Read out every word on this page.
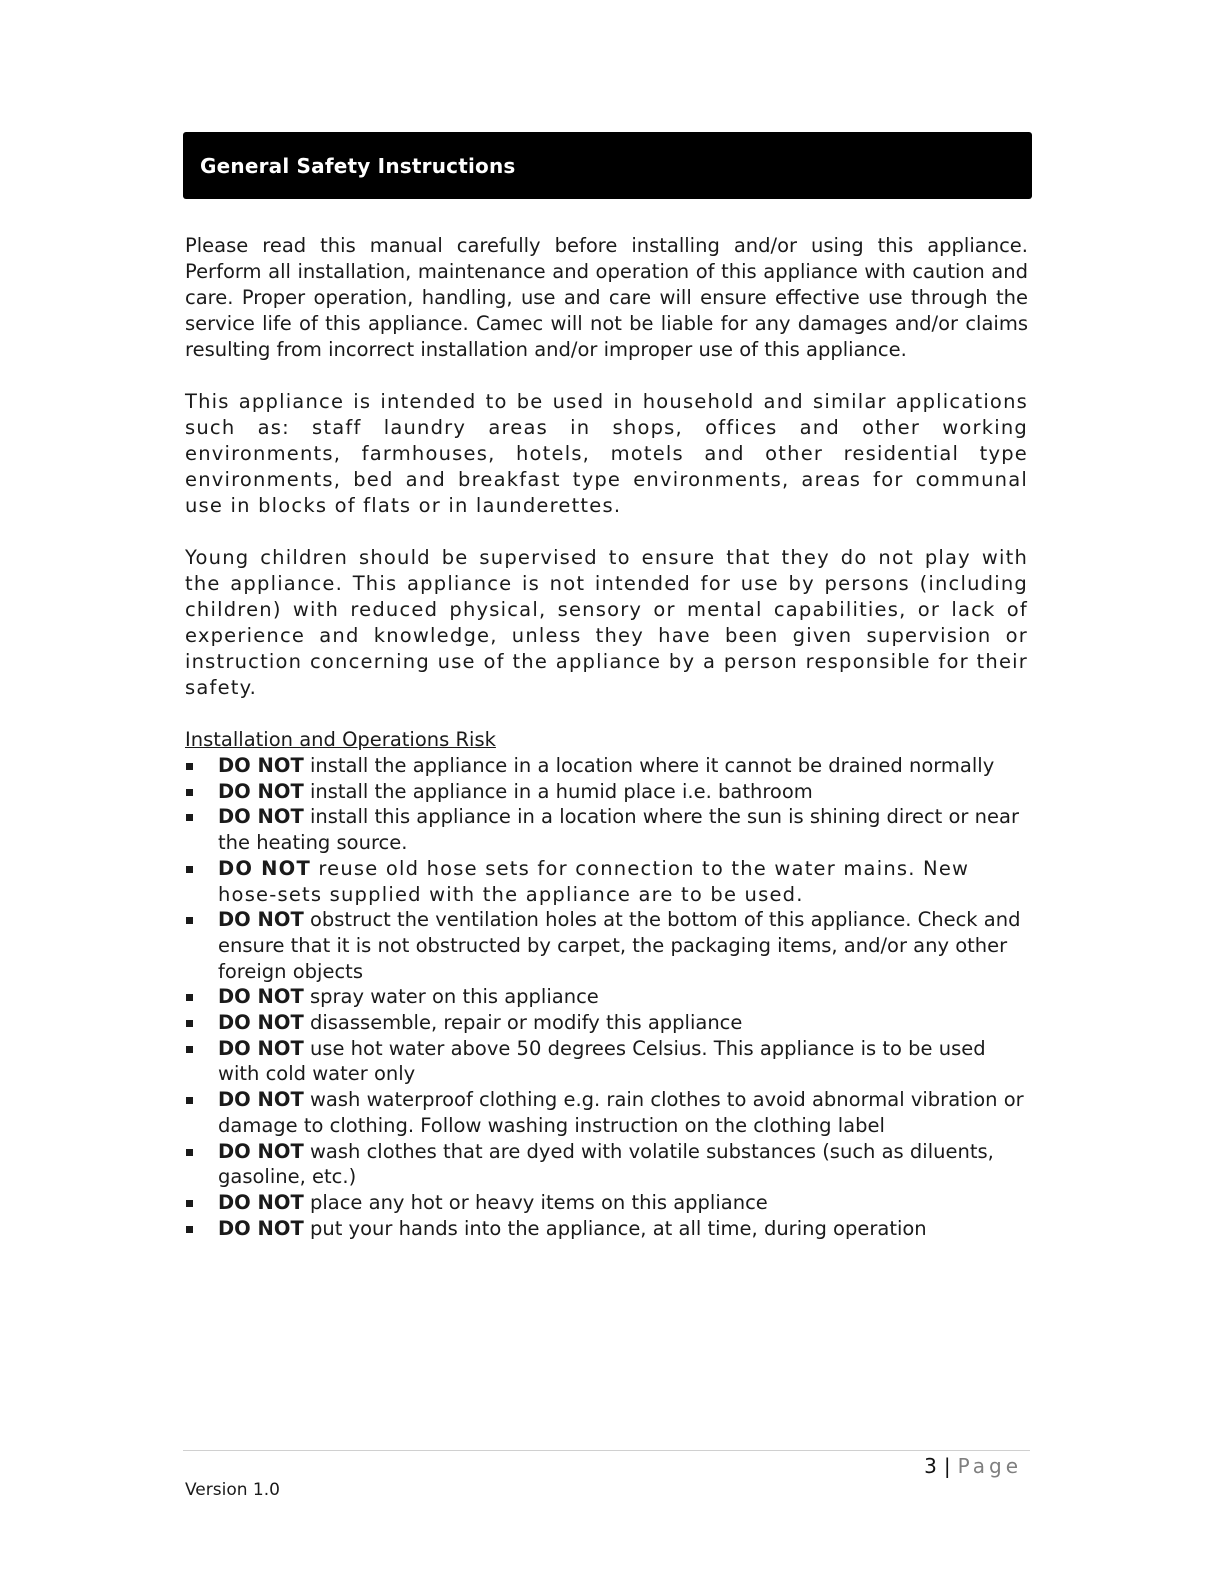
General Safety Instructions

Please read this manual carefully before installing and/or using this appliance. Perform all installation, maintenance and operation of this appliance with caution and care. Proper operation, handling, use and care will ensure effective use through the service life of this appliance. Camec will not be liable for any damages and/or claims resulting from incorrect installation and/or improper use of this appliance.

This appliance is intended to be used in household and similar applications such as: staff laundry areas in shops, offices and other working environments, farmhouses, hotels, motels and other residential type environments, bed and breakfast type environments, areas for communal use in blocks of flats or in launderettes.

Young children should be supervised to ensure that they do not play with the appliance. This appliance is not intended for use by persons (including children) with reduced physical, sensory or mental capabilities, or lack of experience and knowledge, unless they have been given supervision or instruction concerning use of the appliance by a person responsible for their safety.

Installation and Operations Risk

DO NOT install the appliance in a location where it cannot be drained normally
DO NOT install the appliance in a humid place i.e. bathroom
DO NOT install this appliance in a location where the sun is shining direct or near the heating source.
DO NOT reuse old hose sets for connection to the water mains. New hose-sets supplied with the appliance are to be used.
DO NOT obstruct the ventilation holes at the bottom of this appliance. Check and ensure that it is not obstructed by carpet, the packaging items, and/or any other foreign objects
DO NOT spray water on this appliance
DO NOT disassemble, repair or modify this appliance
DO NOT use hot water above 50 degrees Celsius. This appliance is to be used with cold water only
DO NOT wash waterproof clothing e.g. rain clothes to avoid abnormal vibration or damage to clothing. Follow washing instruction on the clothing label
DO NOT wash clothes that are dyed with volatile substances (such as diluents, gasoline, etc.)
DO NOT place any hot or heavy items on this appliance
DO NOT put your hands into the appliance, at all time, during operation
3 | Page
Version 1.0
